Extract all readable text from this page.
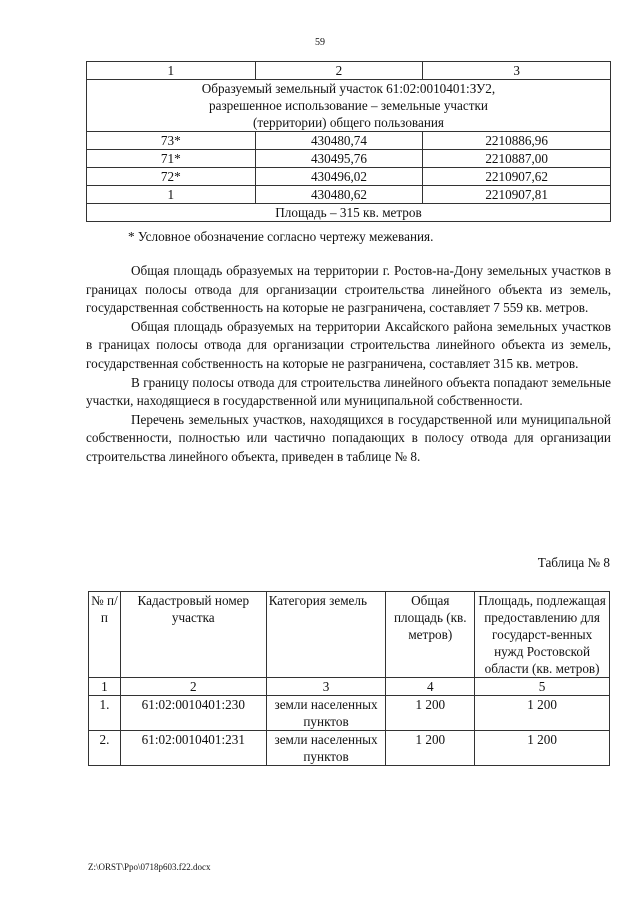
59
1	2	3

Образуемый земельный участок 61:02:0010401:ЗУ2,
разрешенное использование – земельные участки
(территории) общего пользования		

73*	430480,74	2210886,96
71*	430495,76	2210887,00
72*	430496,02	2210907,62
1	430480,62	2210907,81
Площадь – 315 кв. метров		
* Условное обозначение согласно чертежу межевания.

Общая площадь образуемых на территории г. Ростов-на-Дону земельных участков в границах полосы отвода для организации строительства линейного объекта из земель, государственная собственность на которые не разграничена, составляет 7 559 кв. метров.

Общая площадь образуемых на территории Аксайского района земельных участков в границах полосы отвода для организации строительства линейного объекта из земель, государственная собственность на которые не разграничена, составляет 315 кв. метров.

В границу полосы отвода для строительства линейного объекта попадают земельные участки, находящиеся в государственной или муниципальной собственности.

Перечень земельных участков, находящихся в государственной или муниципальной собственности, полностью или частично попадающих в полосу отвода для организации строительства линейного объекта, приведен в таблице № 8.

Таблица № 8
№ п/п	Кадастровый номер участка	Категория земель	Общая площадь (кв. метров)	Площадь, подлежащая предоставлению для государст-венных нужд Ростовской области (кв. метров)
1	2	3	4	5
1.	61:02:0010401:230	земли населенных пунктов	1 200	1 200
2.	61:02:0010401:231	земли населенных пунктов	1 200	1 200
Z:\ORST\Ppo\0718p603.f22.docx
